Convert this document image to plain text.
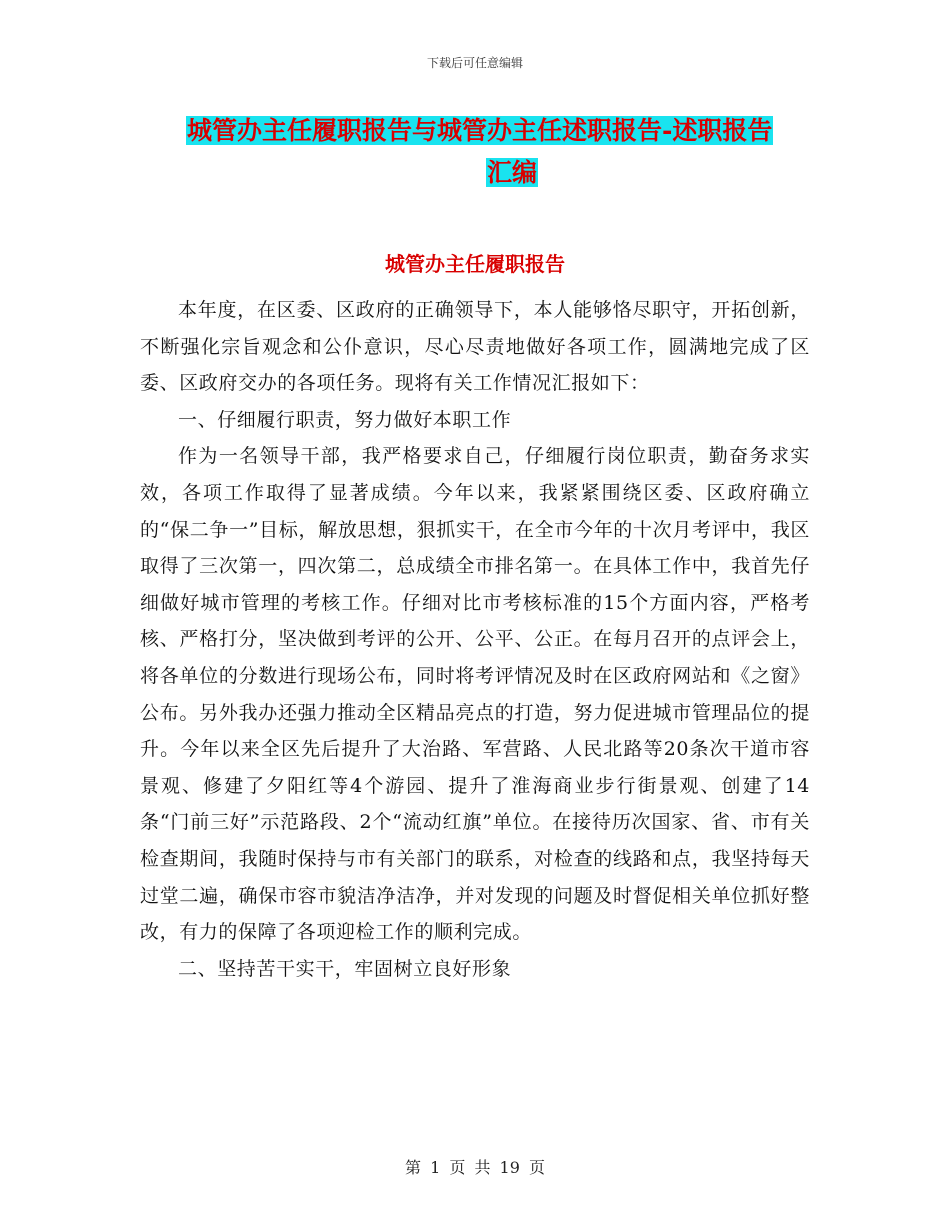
下载后可任意编辑
城管办主任履职报告与城管办主任述职报告-述职报告
汇编
城管办主任履职报告

本年度，在区委、区政府的正确领导下，本人能够恪尽职守，开拓创新，不断强化宗旨观念和公仆意识，尽心尽责地做好各项工作，圆满地完成了区委、区政府交办的各项任务。现将有关工作情况汇报如下：

一、仔细履行职责，努力做好本职工作

作为一名领导干部，我严格要求自己，仔细履行岗位职责，勤奋务求实效，各项工作取得了显著成绩。今年以来，我紧紧围绕区委、区政府确立的“保二争一”目标，解放思想，狠抓实干，在全市今年的十次月考评中，我区取得了三次第一，四次第二，总成绩全市排名第一。在具体工作中，我首先仔细做好城市管理的考核工作。仔细对比市考核标准的15个方面内容，严格考核、严格打分，坚决做到考评的公开、公平、公正。在每月召开的点评会上，将各单位的分数进行现场公布，同时将考评情况及时在区政府网站和《之窗》公布。另外我办还强力推动全区精品亮点的打造，努力促进城市管理品位的提升。今年以来全区先后提升了大治路、军营路、人民北路等20条次干道市容景观、修建了夕阳红等4个游园、提升了淮海商业步行街景观、创建了14条“门前三好”示范路段、2个“流动红旗”单位。在接待历次国家、省、市有关检查期间，我随时保持与市有关部门的联系，对检查的线路和点，我坚持每天过堂二遍，确保市容市貌洁净洁净，并对发现的问题及时督促相关单位抓好整改，有力的保障了各项迎检工作的顺利完成。

二、坚持苦干实干，牢固树立良好形象

第 1 页 共 19 页
